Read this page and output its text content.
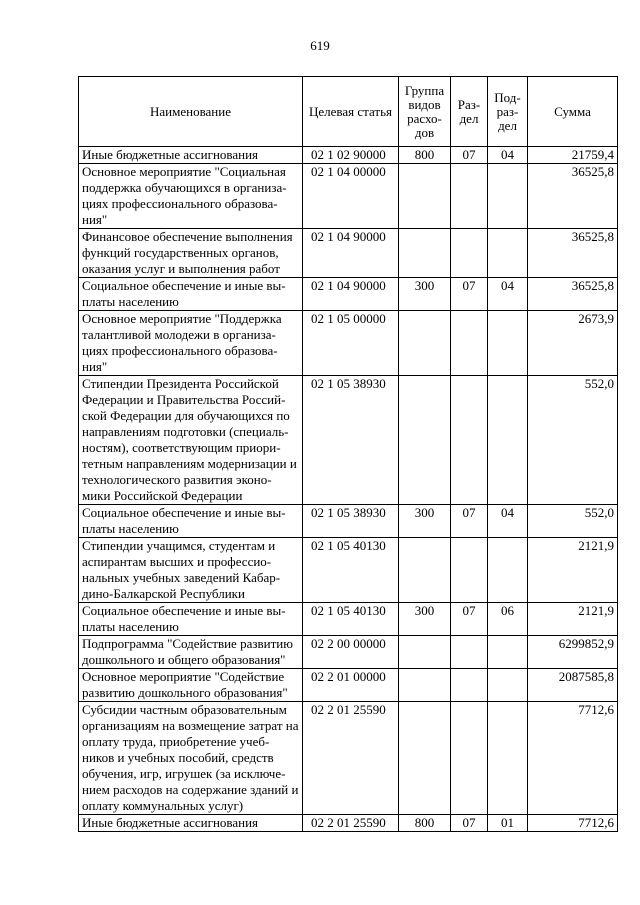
619
Наименование	Целевая статья	Группа видов расхо- дов	Раз- дел	Под- раз- дел	Сумма
Иные бюджетные ассигнования	02 1 02 90000	800	07	04	21759,4
Основное мероприятие "Социальная поддержка обучающихся в организа- циях профессионального образова- ния"	02 1 04 00000				36525,8
Финансовое обеспечение выполнения функций государственных органов, оказания услуг и выполнения работ	02 1 04 90000				36525,8
Социальное обеспечение и иные вы- платы населению	02 1 04 90000	300	07	04	36525,8
Основное мероприятие "Поддержка талантливой молодежи в организа- циях профессионального образова- ния"	02 1 05 00000				2673,9
Стипендии Президента Российской Федерации и Правительства Россий- ской Федерации для обучающихся по направлениям подготовки (специаль- ностям), соответствующим приори- тетным направлениям модернизации и технологического развития эконо- мики Российской Федерации	02 1 05 38930				552,0
Социальное обеспечение и иные вы- платы населению	02 1 05 38930	300	07	04	552,0
Стипендии учащимся, студентам и аспирантам высших и профессио- нальных учебных заведений Кабар- дино-Балкарской Республики	02 1 05 40130				2121,9
Социальное обеспечение и иные вы- платы населению	02 1 05 40130	300	07	06	2121,9
Подпрограмма "Содействие развитию дошкольного и общего образования"	02 2 00 00000				6299852,9
Основное мероприятие "Содействие развитию дошкольного образования"	02 2 01 00000				2087585,8
Субсидии частным образовательным организациям на возмещение затрат на оплату труда, приобретение учеб- ников и учебных пособий, средств обучения, игр, игрушек (за исключе- нием расходов на содержание зданий и оплату коммунальных услуг)	02 2 01 25590				7712,6
Иные бюджетные ассигнования	02 2 01 25590	800	07	01	7712,6
